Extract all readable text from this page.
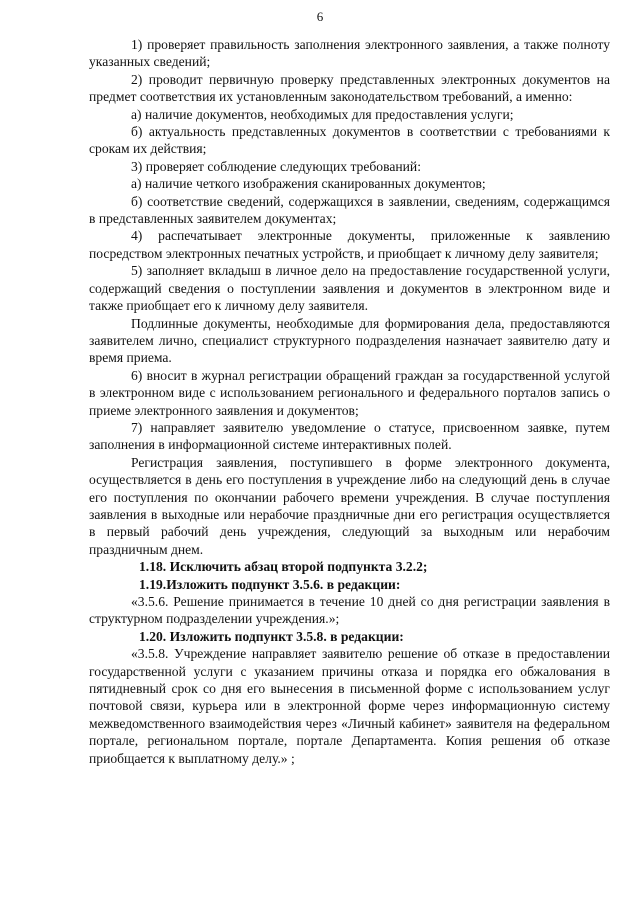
6

1) проверяет правильность заполнения электронного заявления, а также полноту указанных сведений;

2) проводит первичную проверку представленных электронных документов на предмет соответствия их установленным законодательством требований, а именно:

а) наличие документов, необходимых для предоставления услуги;

б) актуальность представленных документов в соответствии с требованиями к срокам их действия;

3) проверяет соблюдение следующих требований:

а) наличие четкого изображения сканированных документов;

б) соответствие сведений, содержащихся в заявлении, сведениям, содержащимся в представленных заявителем документах;

4) распечатывает электронные документы, приложенные к заявлению посредством электронных печатных устройств, и приобщает к личному делу заявителя;

5) заполняет вкладыш в личное дело на предоставление государственной услуги, содержащий сведения о поступлении заявления и документов в электронном виде и также приобщает его к личному делу заявителя.

Подлинные документы, необходимые для формирования дела, предоставляются заявителем лично, специалист структурного подразделения назначает заявителю дату и время приема.

6) вносит в журнал регистрации обращений граждан за государственной услугой в электронном виде с использованием регионального и федерального порталов запись о приеме электронного заявления и документов;

7) направляет заявителю уведомление о статусе, присвоенном заявке, путем заполнения в информационной системе интерактивных полей.

Регистрация заявления, поступившего в форме электронного документа, осуществляется в день его поступления в учреждение либо на следующий день в случае его поступления по окончании рабочего времени учреждения. В случае поступления заявления в выходные или нерабочие праздничные дни его регистрация осуществляется в первый рабочий день учреждения, следующий за выходным или нерабочим праздничным днем.

1.18. Исключить абзац второй подпункта 3.2.2;

1.19.Изложить подпункт 3.5.6. в редакции:

«3.5.6. Решение принимается в течение 10 дней со дня регистрации заявления в структурном подразделении учреждения.»;

1.20. Изложить подпункт 3.5.8. в редакции:

«3.5.8. Учреждение направляет заявителю решение об отказе в предоставлении государственной услуги с указанием причины отказа и порядка его обжалования в пятидневный срок со дня его вынесения в письменной форме с использованием услуг почтовой связи, курьера или в электронной форме через информационную систему межведомственного взаимодействия через «Личный кабинет» заявителя на федеральном портале, региональном портале, портале Департамента. Копия решения об отказе приобщается к выплатному делу.» ;
